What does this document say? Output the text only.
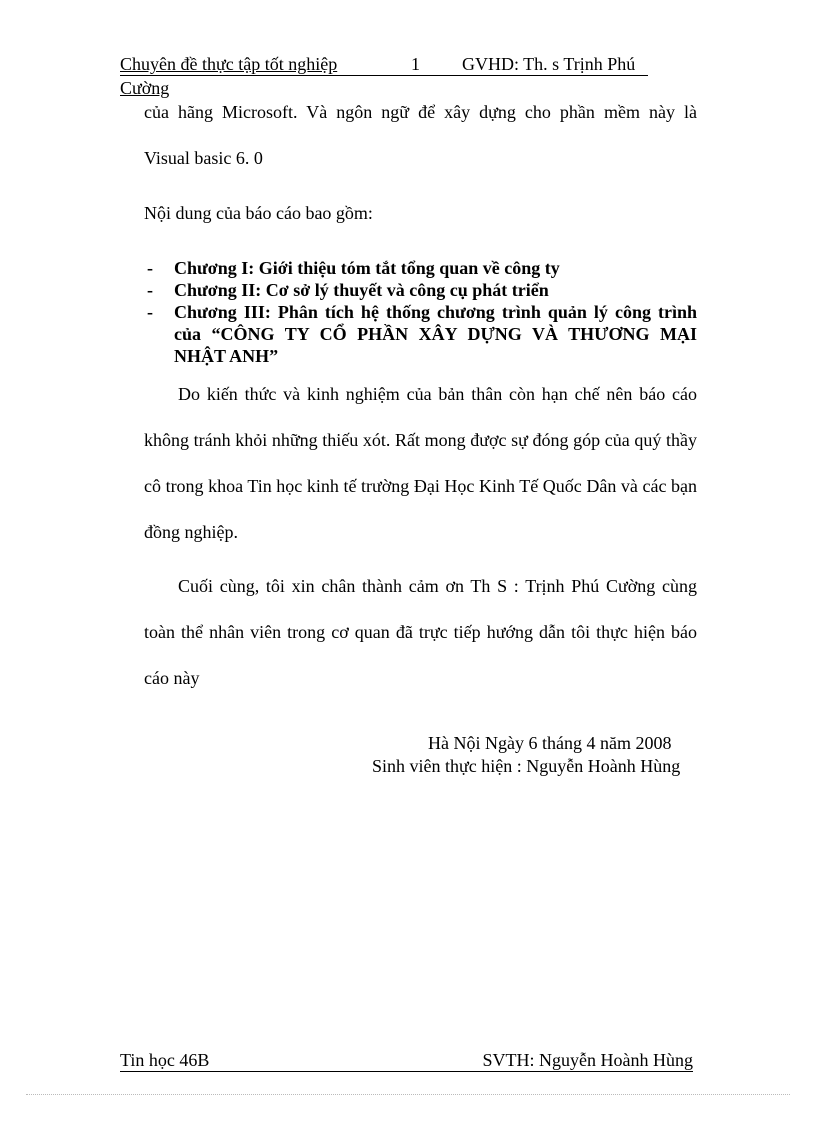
Chuyên đề thực tập tốt nghiệp	1 GVHD: Th. s Trịnh Phú
Cường
của hãng Microsoft. Và ngôn ngữ để xây dựng cho phần mềm này là
Visual basic 6. 0
Nội dung của báo cáo bao gồm:
- Chương I: Giới thiệu tóm tắt tổng quan về công ty
- Chương II: Cơ sở lý thuyết và công cụ phát triển
- Chương III: Phân tích hệ thống chương trình quản lý công trình của “CÔNG TY CỔ PHẦN XÂY DỰNG VÀ THƯƠNG MẠI NHẬT ANH”
Do kiến thức và kinh nghiệm của bản thân còn hạn chế nên báo cáo không tránh khỏi những thiếu xót. Rất mong được sự đóng góp của quý thầy cô trong khoa Tin học kinh tế trường Đại Học Kinh Tế Quốc Dân và các bạn đồng nghiệp.
Cuối cùng, tôi xin chân thành cảm ơn Th S : Trịnh Phú Cường cùng toàn thể nhân viên trong cơ quan đã trực tiếp hướng dẫn tôi thực hiện báo cáo này
Hà Nội Ngày 6 tháng 4 năm 2008
Sinh viên thực hiện : Nguyễn Hoành Hùng
Tin học 46B	SVTH: Nguyễn Hoành Hùng
